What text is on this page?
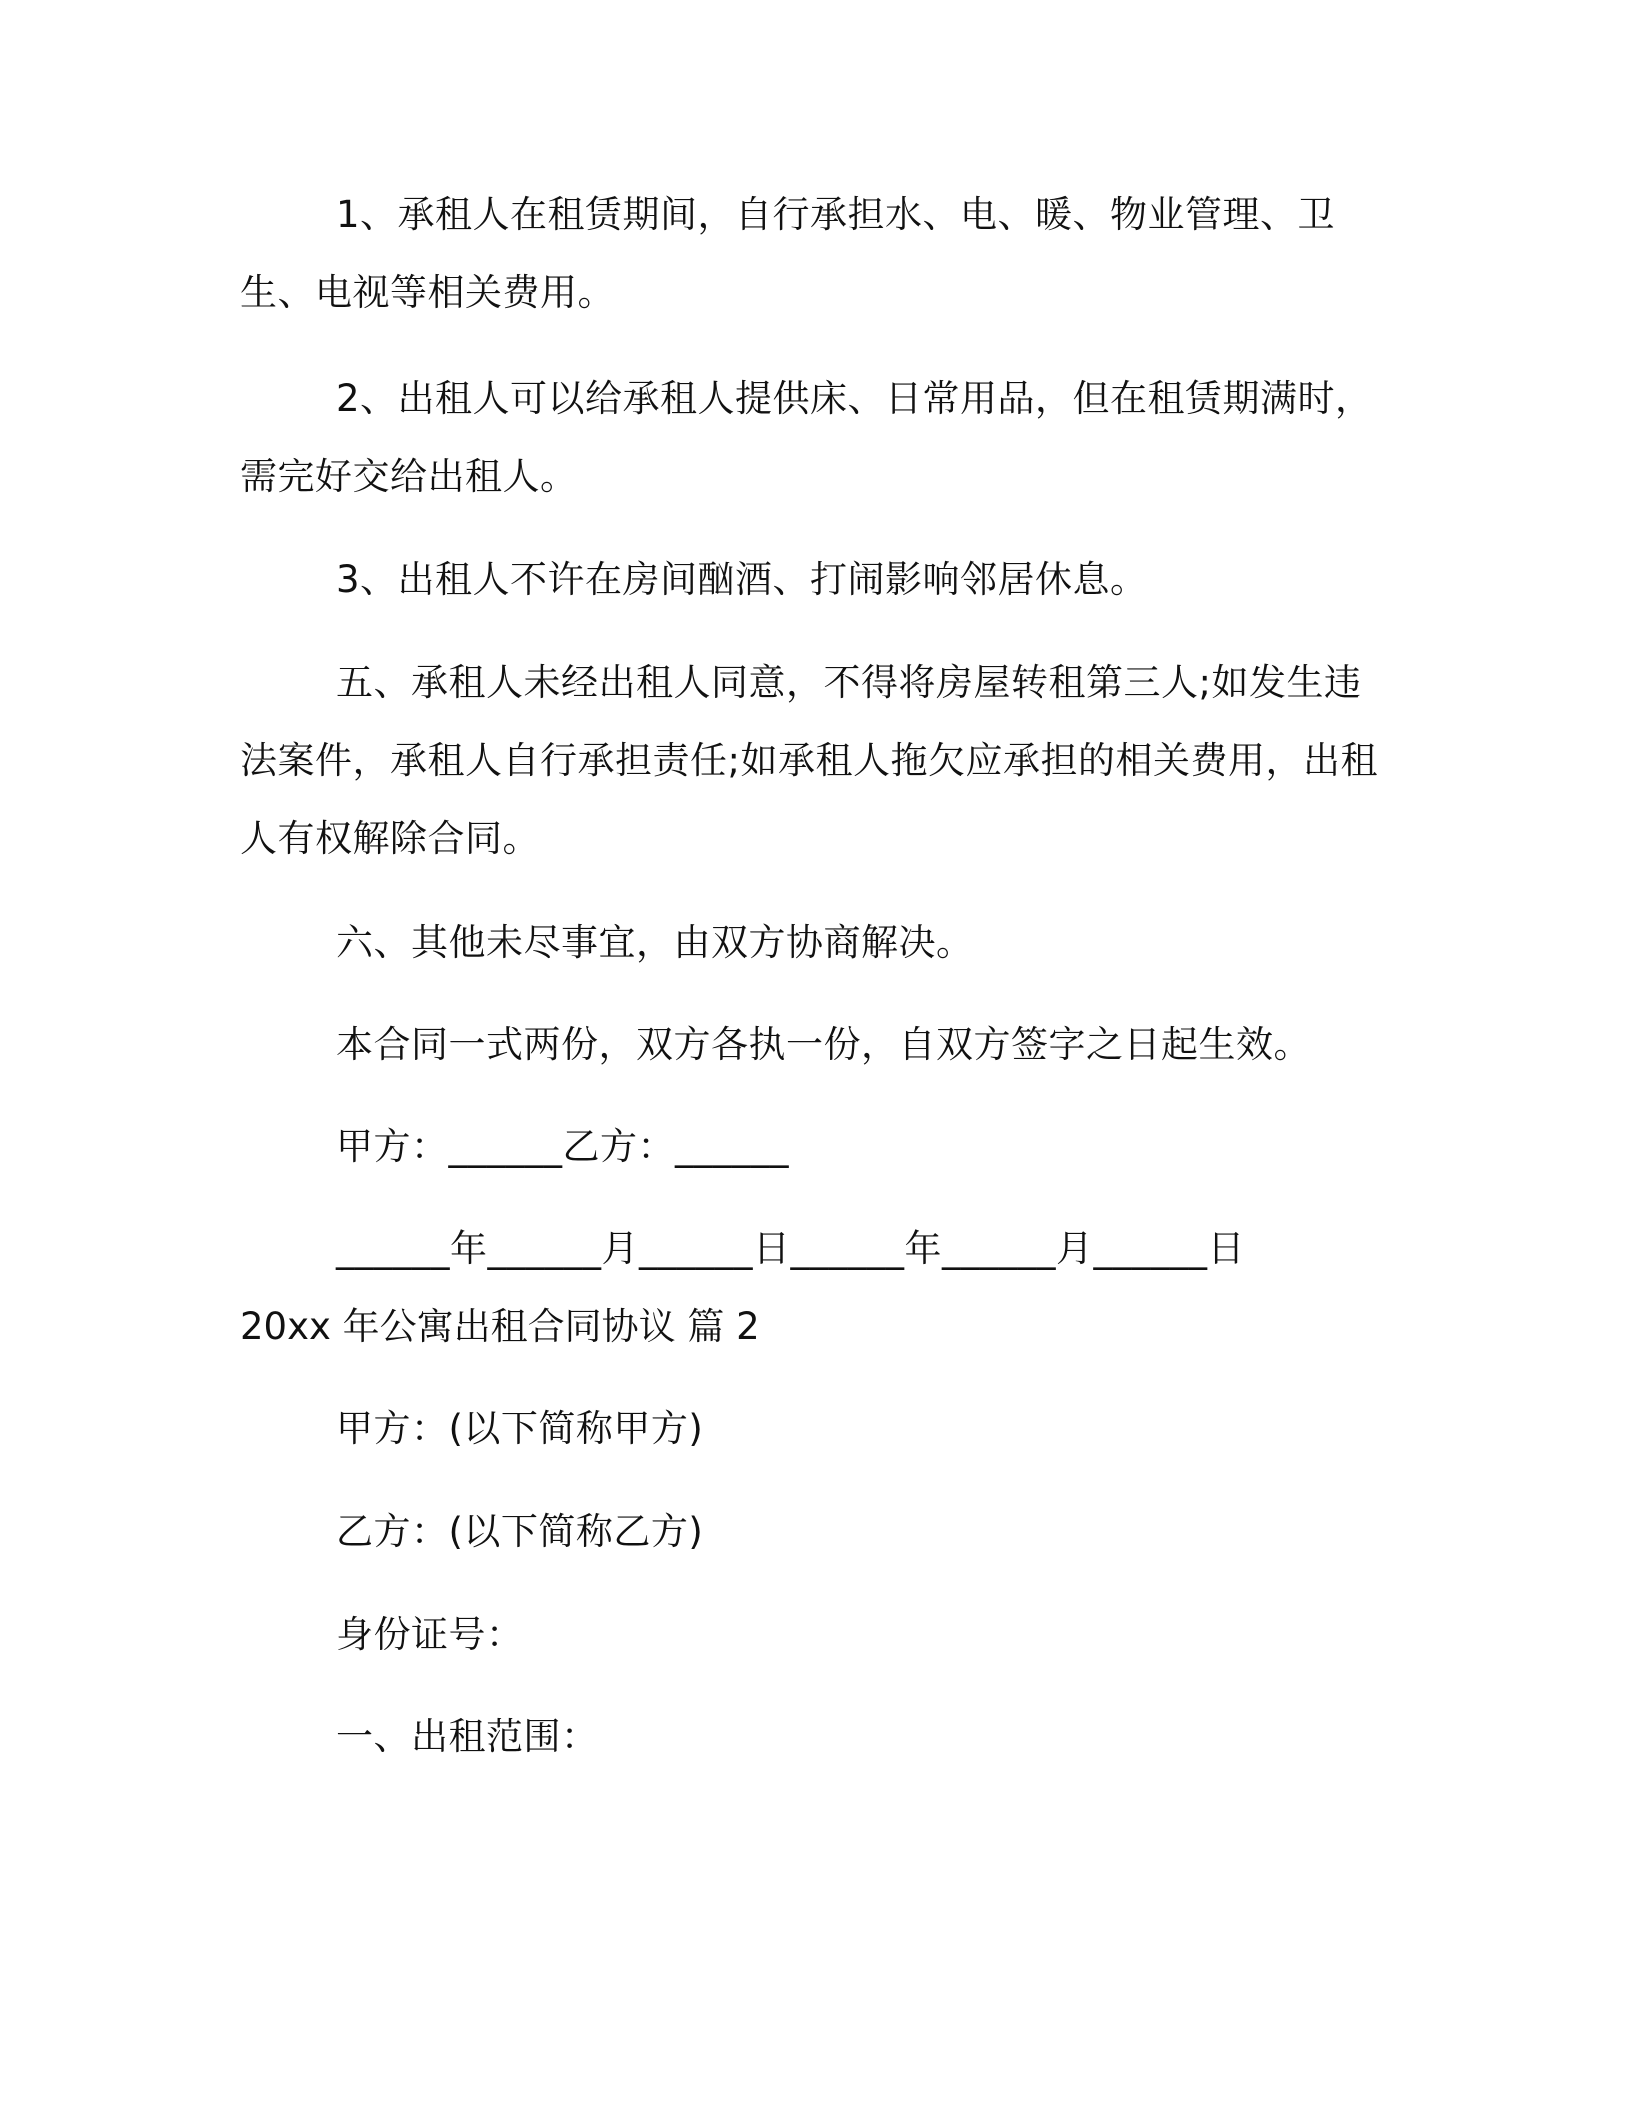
1、承租人在租赁期间，自行承担水、电、暖、物业管理、卫生、电视等相关费用。

2、出租人可以给承租人提供床、日常用品，但在租赁期满时，需完好交给出租人。

3、出租人不许在房间酗酒、打闹影响邻居休息。

五、承租人未经出租人同意，不得将房屋转租第三人;如发生违法案件，承租人自行承担责任;如承租人拖欠应承担的相关费用，出租人有权解除合同。

六、其他未尽事宜，由双方协商解决。

本合同一式两份，双方各执一份，自双方签字之日起生效。

甲方：______乙方：______

______年______月______日______年______月______日

20xx 年公寓出租合同协议 篇 2

甲方：(以下简称甲方)

乙方：(以下简称乙方)

身份证号：

一、出租范围：
